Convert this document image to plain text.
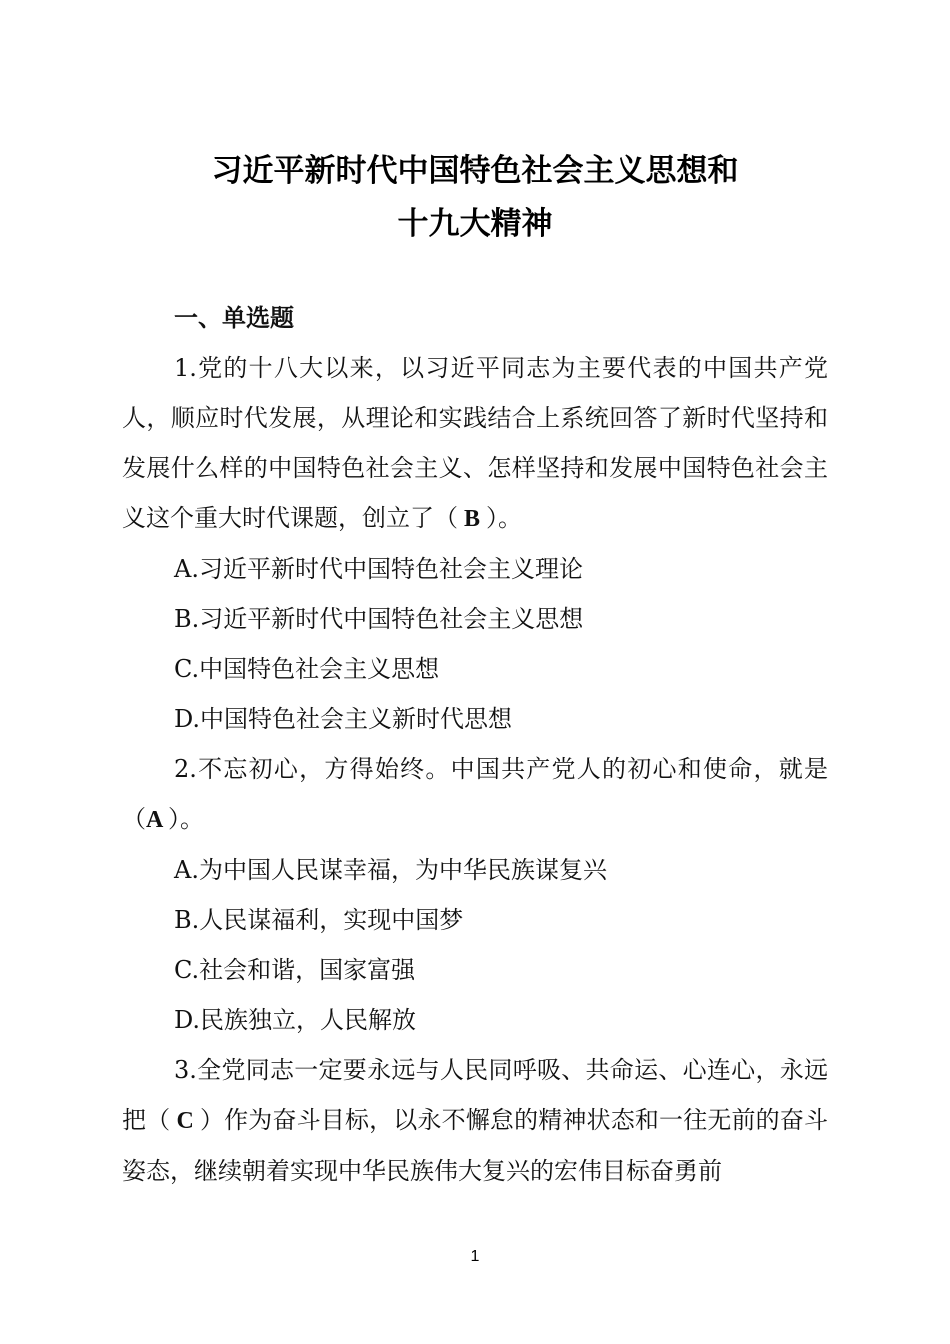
习近平新时代中国特色社会主义思想和
十九大精神

一、单选题

1.党的十八大以来，以习近平同志为主要代表的中国共产党人，顺应时代发展，从理论和实践结合上系统回答了新时代坚持和发展什么样的中国特色社会主义、怎样坚持和发展中国特色社会主义这个重大时代课题，创立了（ B ）。

A.习近平新时代中国特色社会主义理论

B.习近平新时代中国特色社会主义思想

C.中国特色社会主义思想

D.中国特色社会主义新时代思想

2.不忘初心，方得始终。中国共产党人的初心和使命，就是（A ）。

A.为中国人民谋幸福，为中华民族谋复兴

B.人民谋福利，实现中国梦

C.社会和谐，国家富强

D.民族独立，人民解放

3.全党同志一定要永远与人民同呼吸、共命运、心连心，永远把（ C ）作为奋斗目标，以永不懈怠的精神状态和一往无前的奋斗姿态，继续朝着实现中华民族伟大复兴的宏伟目标奋勇前

1
